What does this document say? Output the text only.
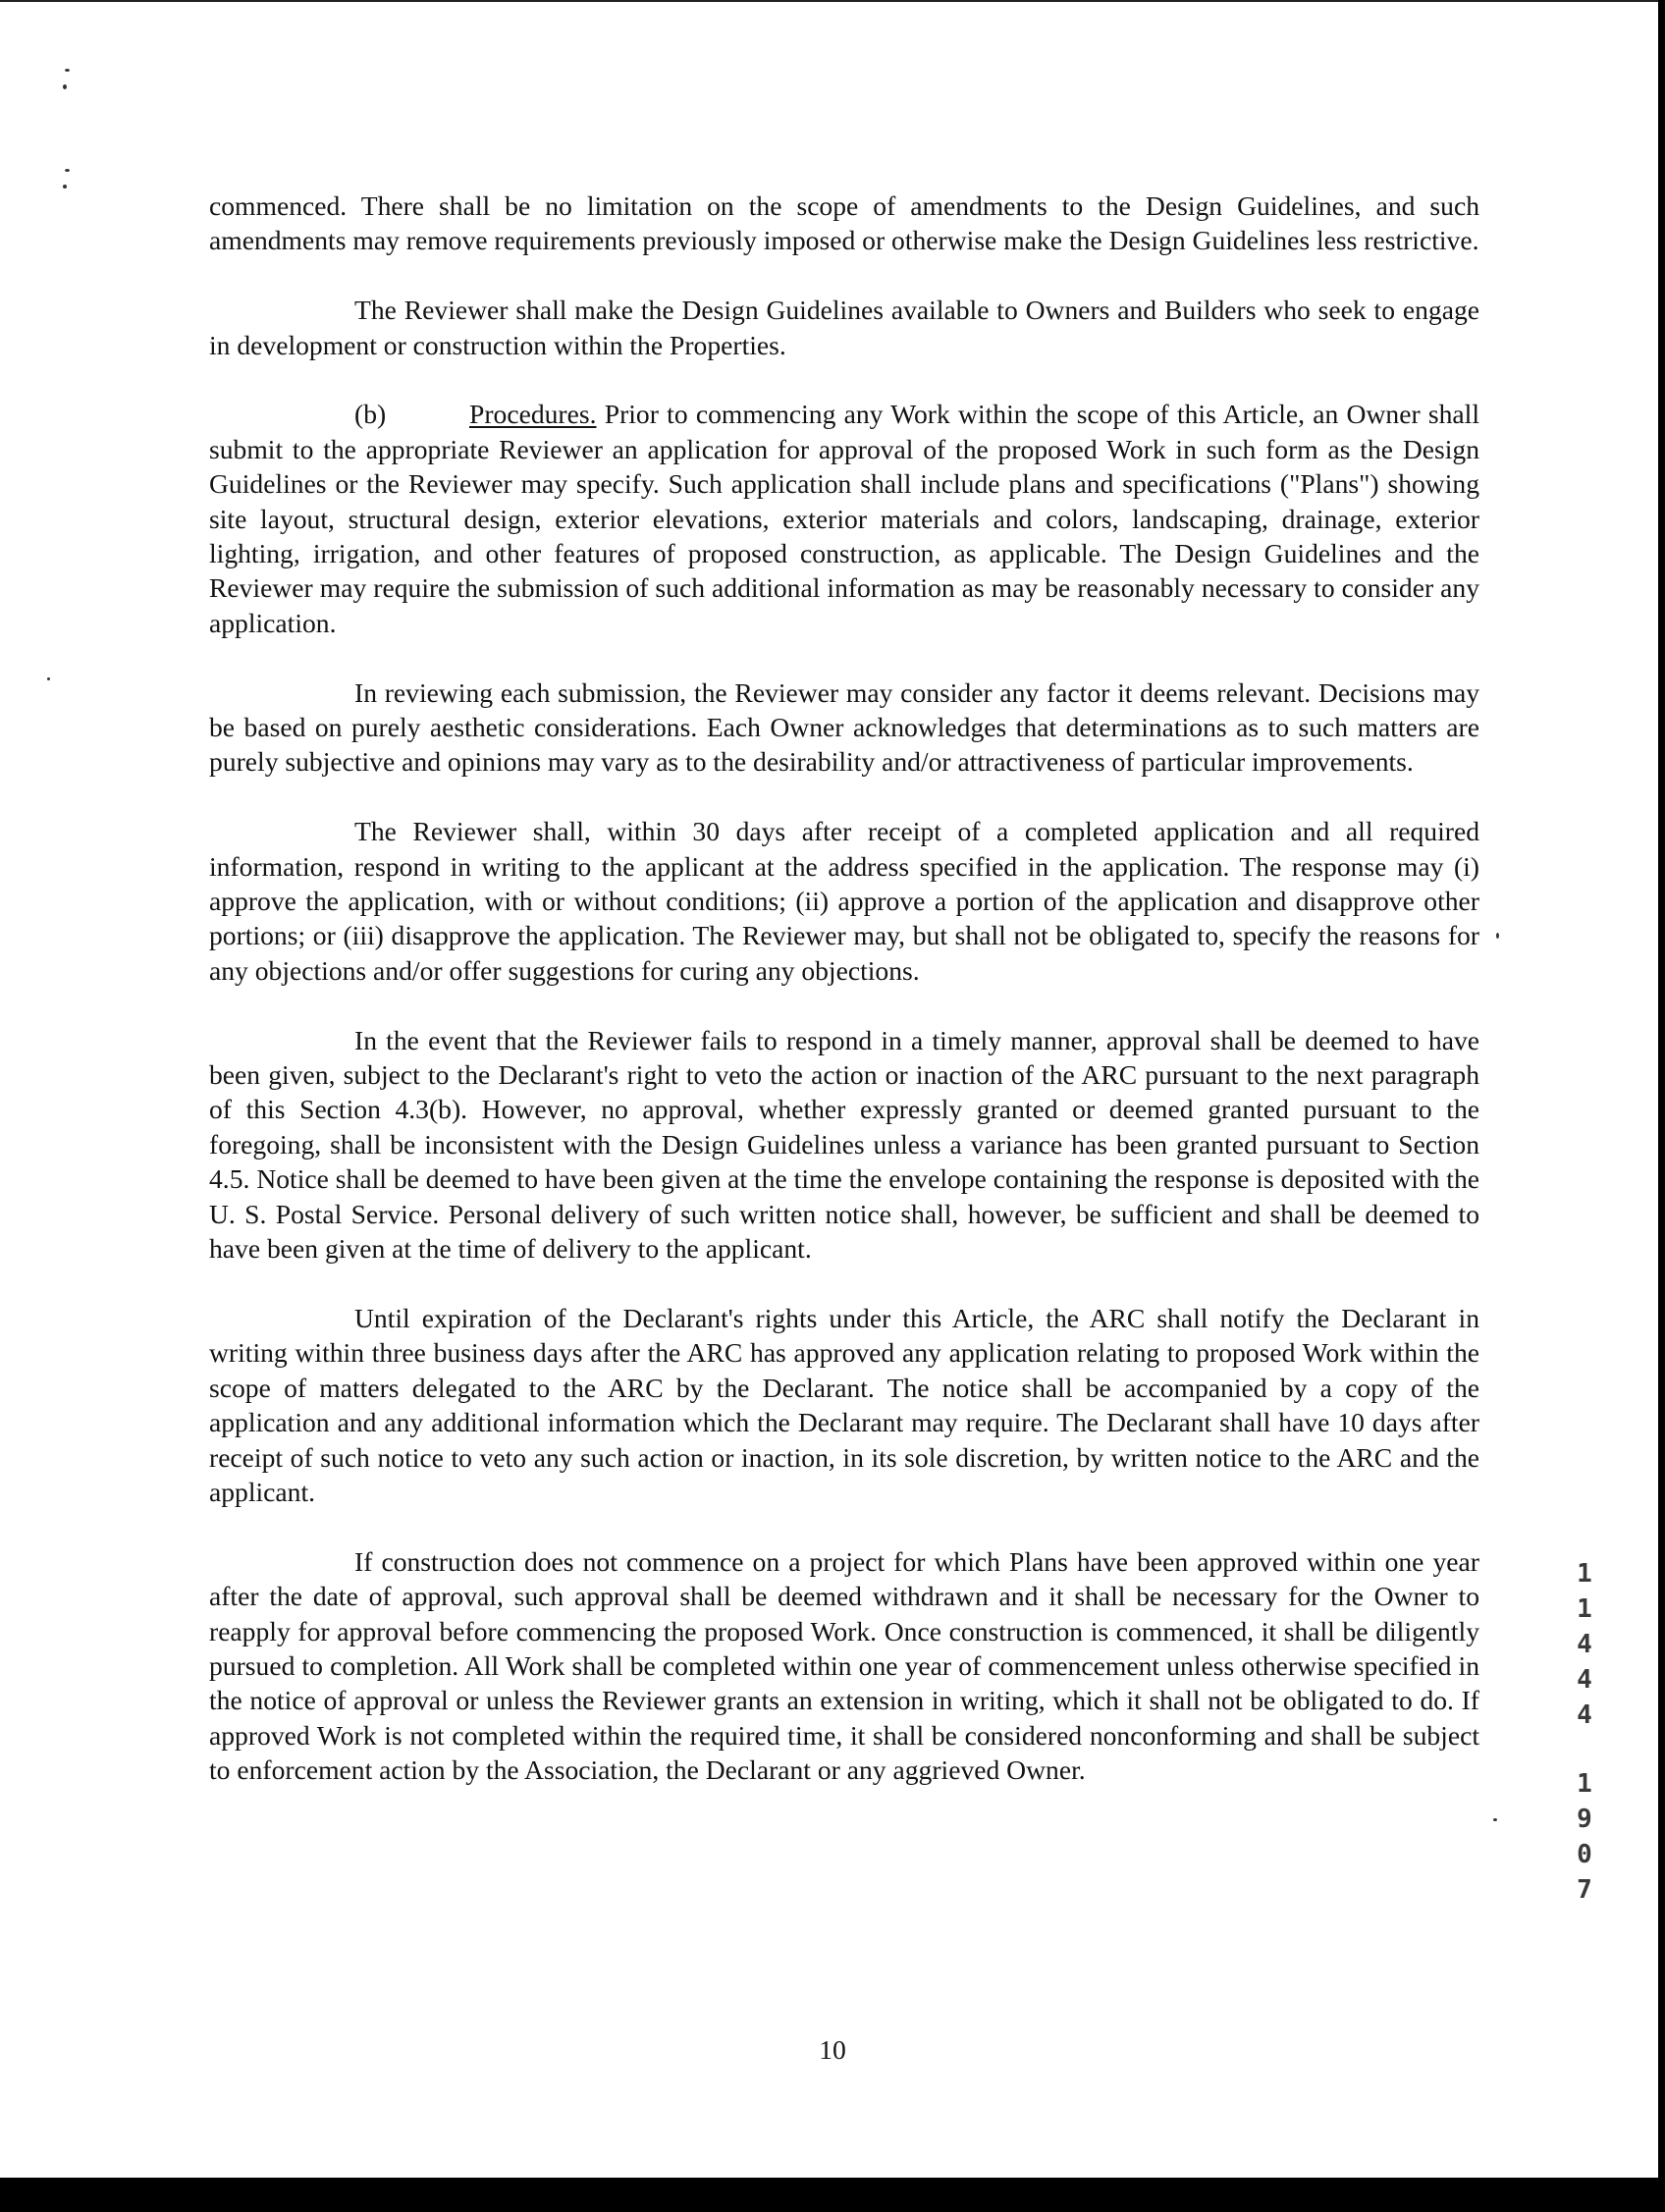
commenced. There shall be no limitation on the scope of amendments to the Design Guidelines, and such amendments may remove requirements previously imposed or otherwise make the Design Guidelines less restrictive.

The Reviewer shall make the Design Guidelines available to Owners and Builders who seek to engage in development or construction within the Properties.

(b)	Procedures. Prior to commencing any Work within the scope of this Article, an Owner shall submit to the appropriate Reviewer an application for approval of the proposed Work in such form as the Design Guidelines or the Reviewer may specify. Such application shall include plans and specifications ("Plans") showing site layout, structural design, exterior elevations, exterior materials and colors, landscaping, drainage, exterior lighting, irrigation, and other features of proposed construction, as applicable. The Design Guidelines and the Reviewer may require the submission of such additional information as may be reasonably necessary to consider any application.

In reviewing each submission, the Reviewer may consider any factor it deems relevant. Decisions may be based on purely aesthetic considerations. Each Owner acknowledges that determinations as to such matters are purely subjective and opinions may vary as to the desirability and/or attractiveness of particular improvements.

The Reviewer shall, within 30 days after receipt of a completed application and all required information, respond in writing to the applicant at the address specified in the application. The response may (i) approve the application, with or without conditions; (ii) approve a portion of the application and disapprove other portions; or (iii) disapprove the application. The Reviewer may, but shall not be obligated to, specify the reasons for any objections and/or offer suggestions for curing any objections.

In the event that the Reviewer fails to respond in a timely manner, approval shall be deemed to have been given, subject to the Declarant's right to veto the action or inaction of the ARC pursuant to the next paragraph of this Section 4.3(b). However, no approval, whether expressly granted or deemed granted pursuant to the foregoing, shall be inconsistent with the Design Guidelines unless a variance has been granted pursuant to Section 4.5. Notice shall be deemed to have been given at the time the envelope containing the response is deposited with the U. S. Postal Service. Personal delivery of such written notice shall, however, be sufficient and shall be deemed to have been given at the time of delivery to the applicant.

Until expiration of the Declarant's rights under this Article, the ARC shall notify the Declarant in writing within three business days after the ARC has approved any application relating to proposed Work within the scope of matters delegated to the ARC by the Declarant. The notice shall be accompanied by a copy of the application and any additional information which the Declarant may require. The Declarant shall have 10 days after receipt of such notice to veto any such action or inaction, in its sole discretion, by written notice to the ARC and the applicant.

If construction does not commence on a project for which Plans have been approved within one year after the date of approval, such approval shall be deemed withdrawn and it shall be necessary for the Owner to reapply for approval before commencing the proposed Work. Once construction is commenced, it shall be diligently pursued to completion. All Work shall be completed within one year of commencement unless otherwise specified in the notice of approval or unless the Reviewer grants an extension in writing, which it shall not be obligated to do. If approved Work is not completed within the required time, it shall be considered nonconforming and shall be subject to enforcement action by the Association, the Declarant or any aggrieved Owner.

1
1
4
4
4
1
9
0
7
10
